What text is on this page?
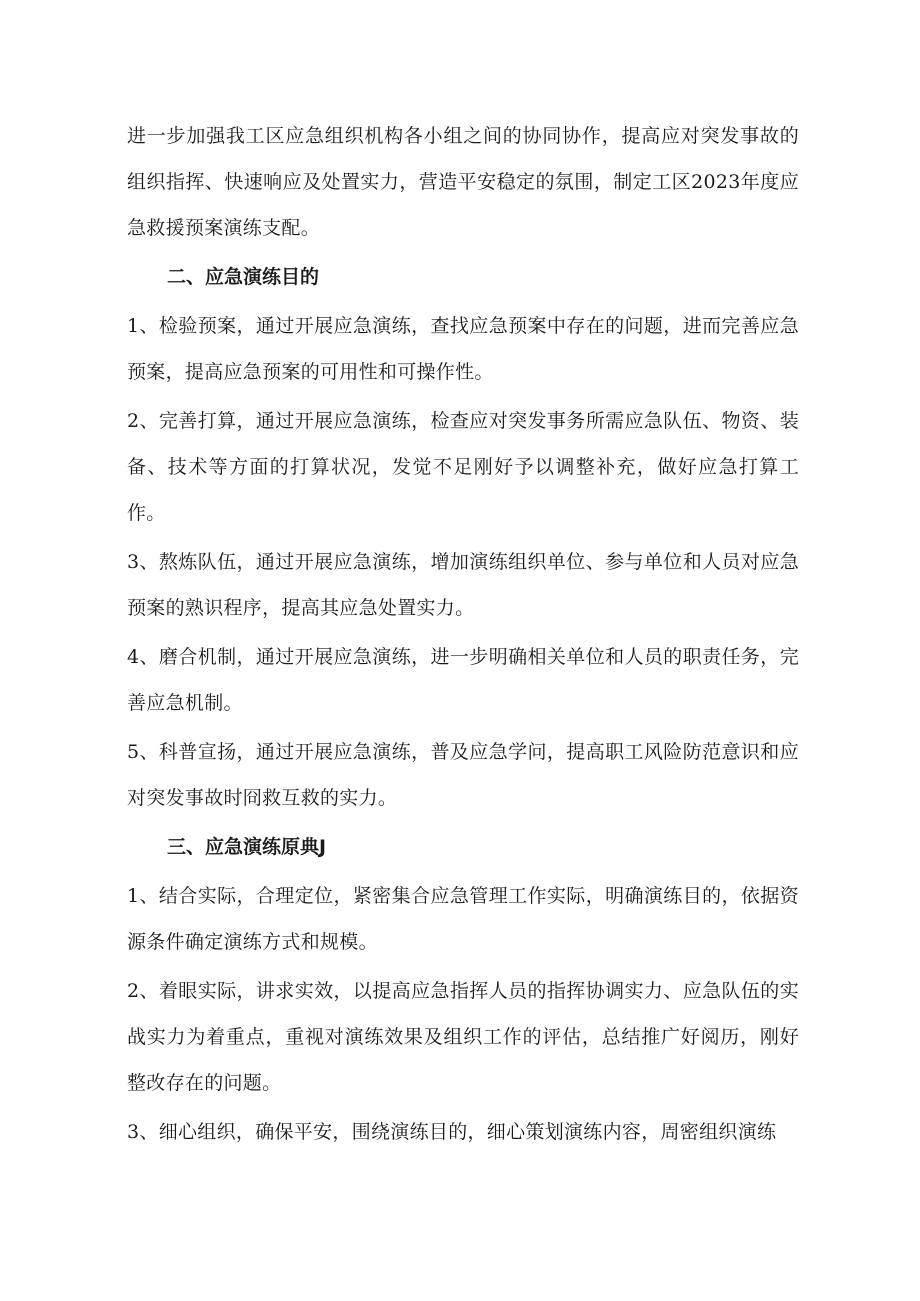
进一步加强我工区应急组织机构各小组之间的协同协作，提高应对突发事故的组织指挥、快速响应及处置实力，营造平安稳定的氛围，制定工区2023年度应急救援预案演练支配。

二、应急演练目的

1、检验预案，通过开展应急演练，查找应急预案中存在的问题，进而完善应急预案，提高应急预案的可用性和可操作性。

2、完善打算，通过开展应急演练，检查应对突发事务所需应急队伍、物资、装备、技术等方面的打算状况，发觉不足刚好予以调整补充，做好应急打算工作。

3、熬炼队伍，通过开展应急演练，增加演练组织单位、参与单位和人员对应急预案的熟识程序，提高其应急处置实力。

4、磨合机制，通过开展应急演练，进一步明确相关单位和人员的职责任务，完善应急机制。

5、科普宣扬，通过开展应急演练，普及应急学问，提高职工风险防范意识和应对突发事故时冏救互救的实力。

三、应急演练原典J

1、结合实际，合理定位，紧密集合应急管理工作实际，明确演练目的，依据资源条件确定演练方式和规模。

2、着眼实际，讲求实效，以提高应急指挥人员的指挥协调实力、应急队伍的实战实力为着重点，重视对演练效果及组织工作的评估，总结推广好阅历，刚好整改存在的问题。

3、细心组织，确保平安，围绕演练目的，细心策划演练内容，周密组织演练
